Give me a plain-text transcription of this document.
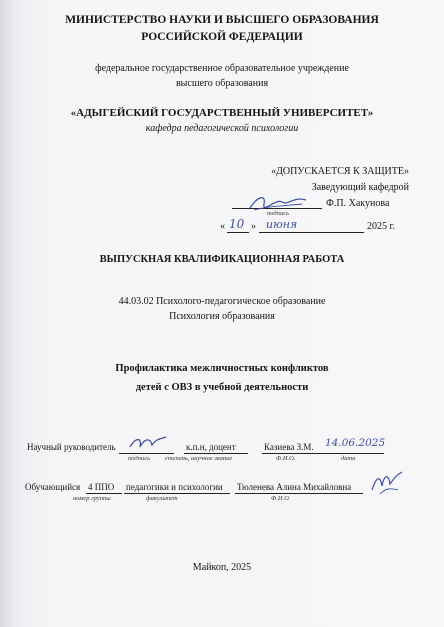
МИНИСТЕРСТВО НАУКИ И ВЫСШЕГО ОБРАЗОВАНИЯ
РОССИЙСКОЙ ФЕДЕРАЦИИ
федеральное государственное образовательное учреждение
высшего образования
«АДЫГЕЙСКИЙ ГОСУДАРСТВЕННЫЙ УНИВЕРСИТЕТ»
кафедра педагогической психологии
«ДОПУСКАЕТСЯ К ЗАЩИТЕ»
Заведующий кафедрой
Ф.П. Хакунова
подпись
« 10 » июня	2025 г.
ВЫПУСКНАЯ КВАЛИФИКАЦИОННАЯ РАБОТА
44.03.02 Психолого-педагогическое образование
Психология образования
Профилактика межличностных конфликтов
детей с ОВЗ в учебной деятельности
Научный руководитель	к.п.н, доцент	Казиева З.М. 14.06.2025
подпись степень, научное звание	Ф.И.О.	дата
Обучающийся 4 ППО педагогики и психологии Тюленева Алина Михайловна
номер группы	факультет	Ф.И.О.
Майкоп, 2025
